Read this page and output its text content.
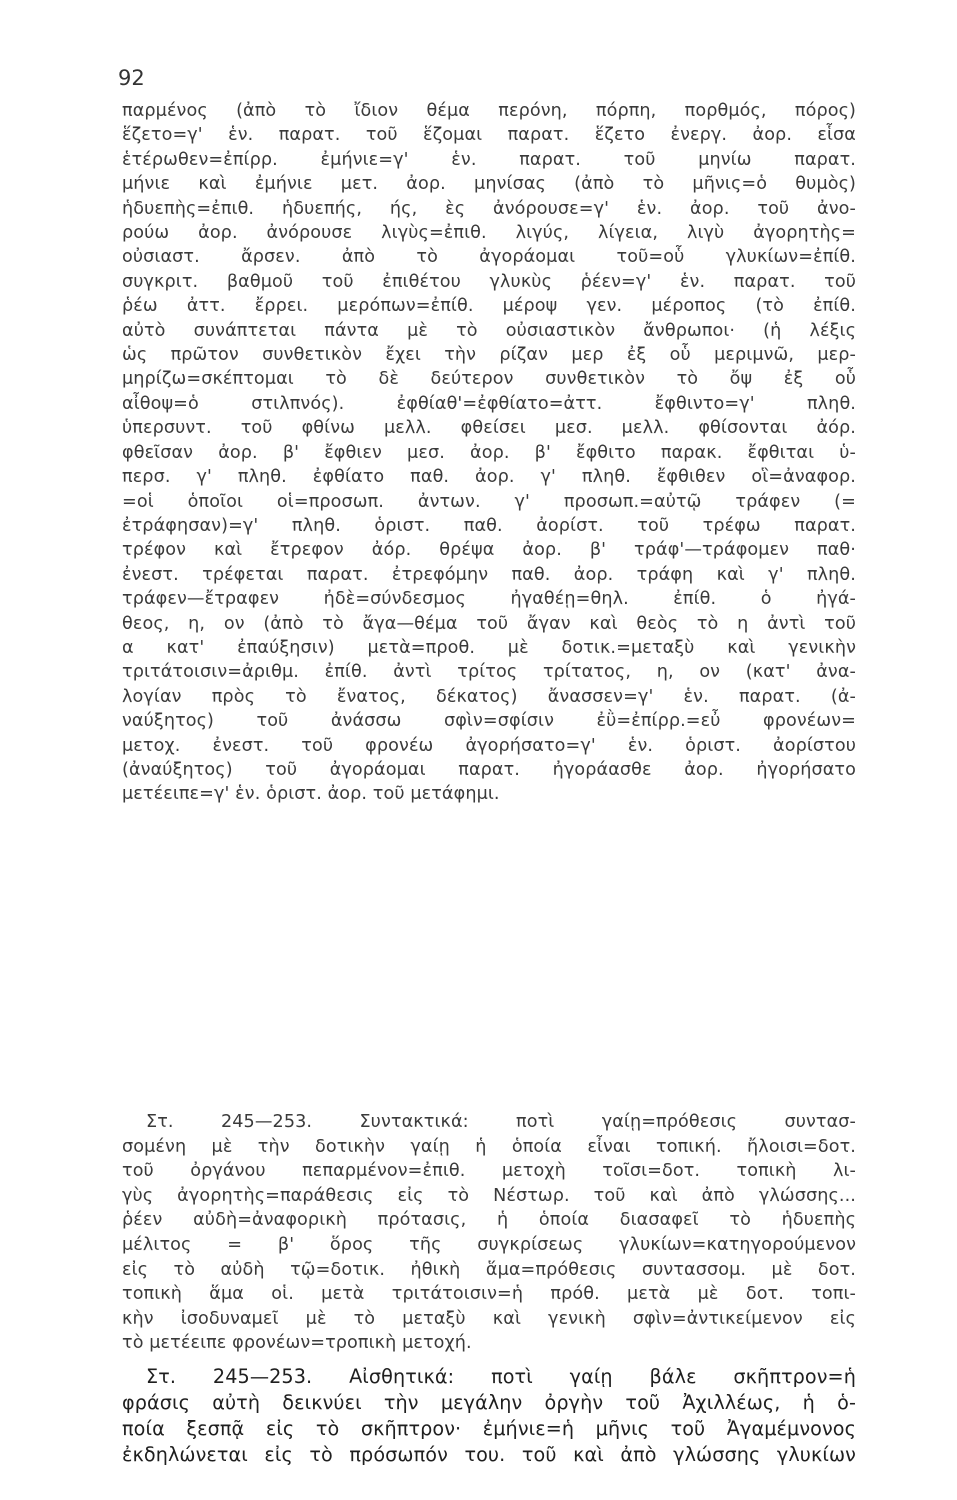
92
παρμένος (ἀπὸ τὸ ἴδιον θέμα περόνη, πόρπη, πορθμός, πόρος)
ἕζετο=γ' ἑν. παρατ. τοῦ ἕζομαι παρατ. ἕζετο ἐνεργ. ἀορ. εἷσα
ἑτέρωθεν=ἐπίρρ. ἐμήνιε=γ' ἑν. παρατ. τοῦ μηνίω παρατ.
μήνιε καὶ ἐμήνιε μετ. ἀορ. μηνίσας (ἀπὸ τὸ μῆνις=ὁ θυμὸς)
ἡδυεπὴς=ἐπιθ. ἡδυεπής, ής, ὲς ἀνόρουσε=γ' ἑν. ἀορ. τοῦ ἀνο-
ρούω ἀορ. ἀνόρουσε λιγὺς=ἐπιθ. λιγύς, λίγεια, λιγὺ ἀγορητὴς=
οὐσιαστ. ἄρσεν. ἀπὸ τὸ ἀγοράομαι τοῦ=οὗ γλυκίων=ἐπίθ.
συγκριτ. βαθμοῦ τοῦ ἐπιθέτου γλυκὺς ῥέεν=γ' ἑν. παρατ. τοῦ
ῥέω ἀττ. ἔρρει. μερόπων=ἐπίθ. μέροψ γεν. μέροπος (τὸ ἐπίθ.
αὐτὸ συνάπτεται πάντα μὲ τὸ οὐσιαστικὸν ἄνθρωποι· (ἡ λέξις
ὡς πρῶτον συνθετικὸν ἔχει τὴν ρίζαν μερ ἐξ οὗ μεριμνῶ, μερ-
μηρίζω=σκέπτομαι τὸ δὲ δεύτερον συνθετικὸν τὸ ὄψ ἐξ οὗ
αἶθοψ=ὁ στιλπνός). ἐφθίαθ'=ἐφθίατο=ἀττ. ἔφθιντο=γ' πληθ.
ὑπερσυντ. τοῦ φθίνω μελλ. φθείσει μεσ. μελλ. φθίσονται ἀόρ.
φθεῖσαν ἀορ. β' ἔφθιεν μεσ. ἀορ. β' ἔφθιτο παρακ. ἔφθιται ὑ-
περσ. γ' πληθ. ἐφθίατο παθ. ἀορ. γ' πληθ. ἔφθιθεν οἳ=ἀναφορ.
=οἱ ὁποῖοι οἱ=προσωπ. ἀντων. γ' προσωπ.=αὐτῷ τράφεν (=
ἐτράφησαν)=γ' πληθ. ὁριστ. παθ. ἀορίστ. τοῦ τρέφω παρατ.
τρέφον καὶ ἔτρεφον ἀόρ. θρέψα ἀορ. β' τράφ'—τράφομεν παθ·
ἐνεστ. τρέφεται παρατ. ἐτρεφόμην παθ. ἀορ. τράφη καὶ γ' πληθ.
τράφεν—ἔτραφεν ἠδὲ=σύνδεσμος ἠγαθέῃ=θηλ. ἐπίθ. ὁ ἠγά-
θεος, η, ον (ἀπὸ τὸ ἄγα—θέμα τοῦ ἄγαν καὶ θεὸς τὸ η ἀντὶ τοῦ
α κατ' ἐπαύξησιν) μετὰ=προθ. μὲ δοτικ.=μεταξὺ καὶ γενικὴν
τριτάτοισιν=ἀριθμ. ἐπίθ. ἀντὶ τρίτος τρίτατος, η, ον (κατ' ἀνα-
λογίαν πρὸς τὸ ἔνατος, δέκατος) ἄνασσεν=γ' ἑν. παρατ. (ἀ-
ναύξητος) τοῦ ἀνάσσω σφὶν=σφίσιν ἐῢ=ἐπίρρ.=εὖ φρονέων=
μετοχ. ἐνεστ. τοῦ φρονέω ἀγορήσατο=γ' ἑν. ὁριστ. ἀορίστου
(ἀναύξητος) τοῦ ἀγοράομαι παρατ. ἠγοράασθε ἀορ. ἠγορήσατο
μετέειπε=γ' ἑν. ὁριστ. ἀορ. τοῦ μετάφημι.
Στ. 245—253. Συντακτικά: ποτὶ γαίῃ=πρόθεσις συντασ-
σομένη μὲ τὴν δοτικὴν γαίῃ ἡ ὁποία εἶναι τοπική. ἤλοισι=δοτ.
τοῦ ὀργάνου πεπαρμένον=ἐπιθ. μετοχὴ τοῖσι=δοτ. τοπικὴ λι-
γὺς ἀγορητὴς=παράθεσις εἰς τὸ Νέστωρ. τοῦ καὶ ἀπὸ γλώσσης...
ῥέεν αὐδὴ=ἀναφορικὴ πρότασις, ἡ ὁποία διασαφεῖ τὸ ἡδυεπὴς
μέλιτος = β' ὅρος τῆς συγκρίσεως γλυκίων=κατηγορούμενον
εἰς τὸ αὐδὴ τῷ=δοτικ. ἠθικὴ ἅμα=πρόθεσις συντασσομ. μὲ δοτ.
τοπικὴ ἅμα οἱ. μετὰ τριτάτοισιν=ἡ πρόθ. μετὰ μὲ δοτ. τοπι-
κὴν ἰσοδυναμεῖ μὲ τὸ μεταξὺ καὶ γενικὴ σφὶν=ἀντικείμενον εἰς
τὸ μετέειπε φρονέων=τροπικὴ μετοχή.
Στ. 245—253. Αἰσθητικά: ποτὶ γαίῃ βάλε σκῆπτρον=ἡ
φράσις αὐτὴ δεικνύει τὴν μεγάλην ὀργὴν τοῦ Ἀχιλλέως, ἡ ὁ-
ποία ξεσπᾷ εἰς τὸ σκῆπτρον· ἐμήνιε=ἡ μῆνις τοῦ Ἀγαμέμνονος
ἐκδηλώνεται εἰς τὸ πρόσωπόν του. τοῦ καὶ ἀπὸ γλώσσης γλυκίων
